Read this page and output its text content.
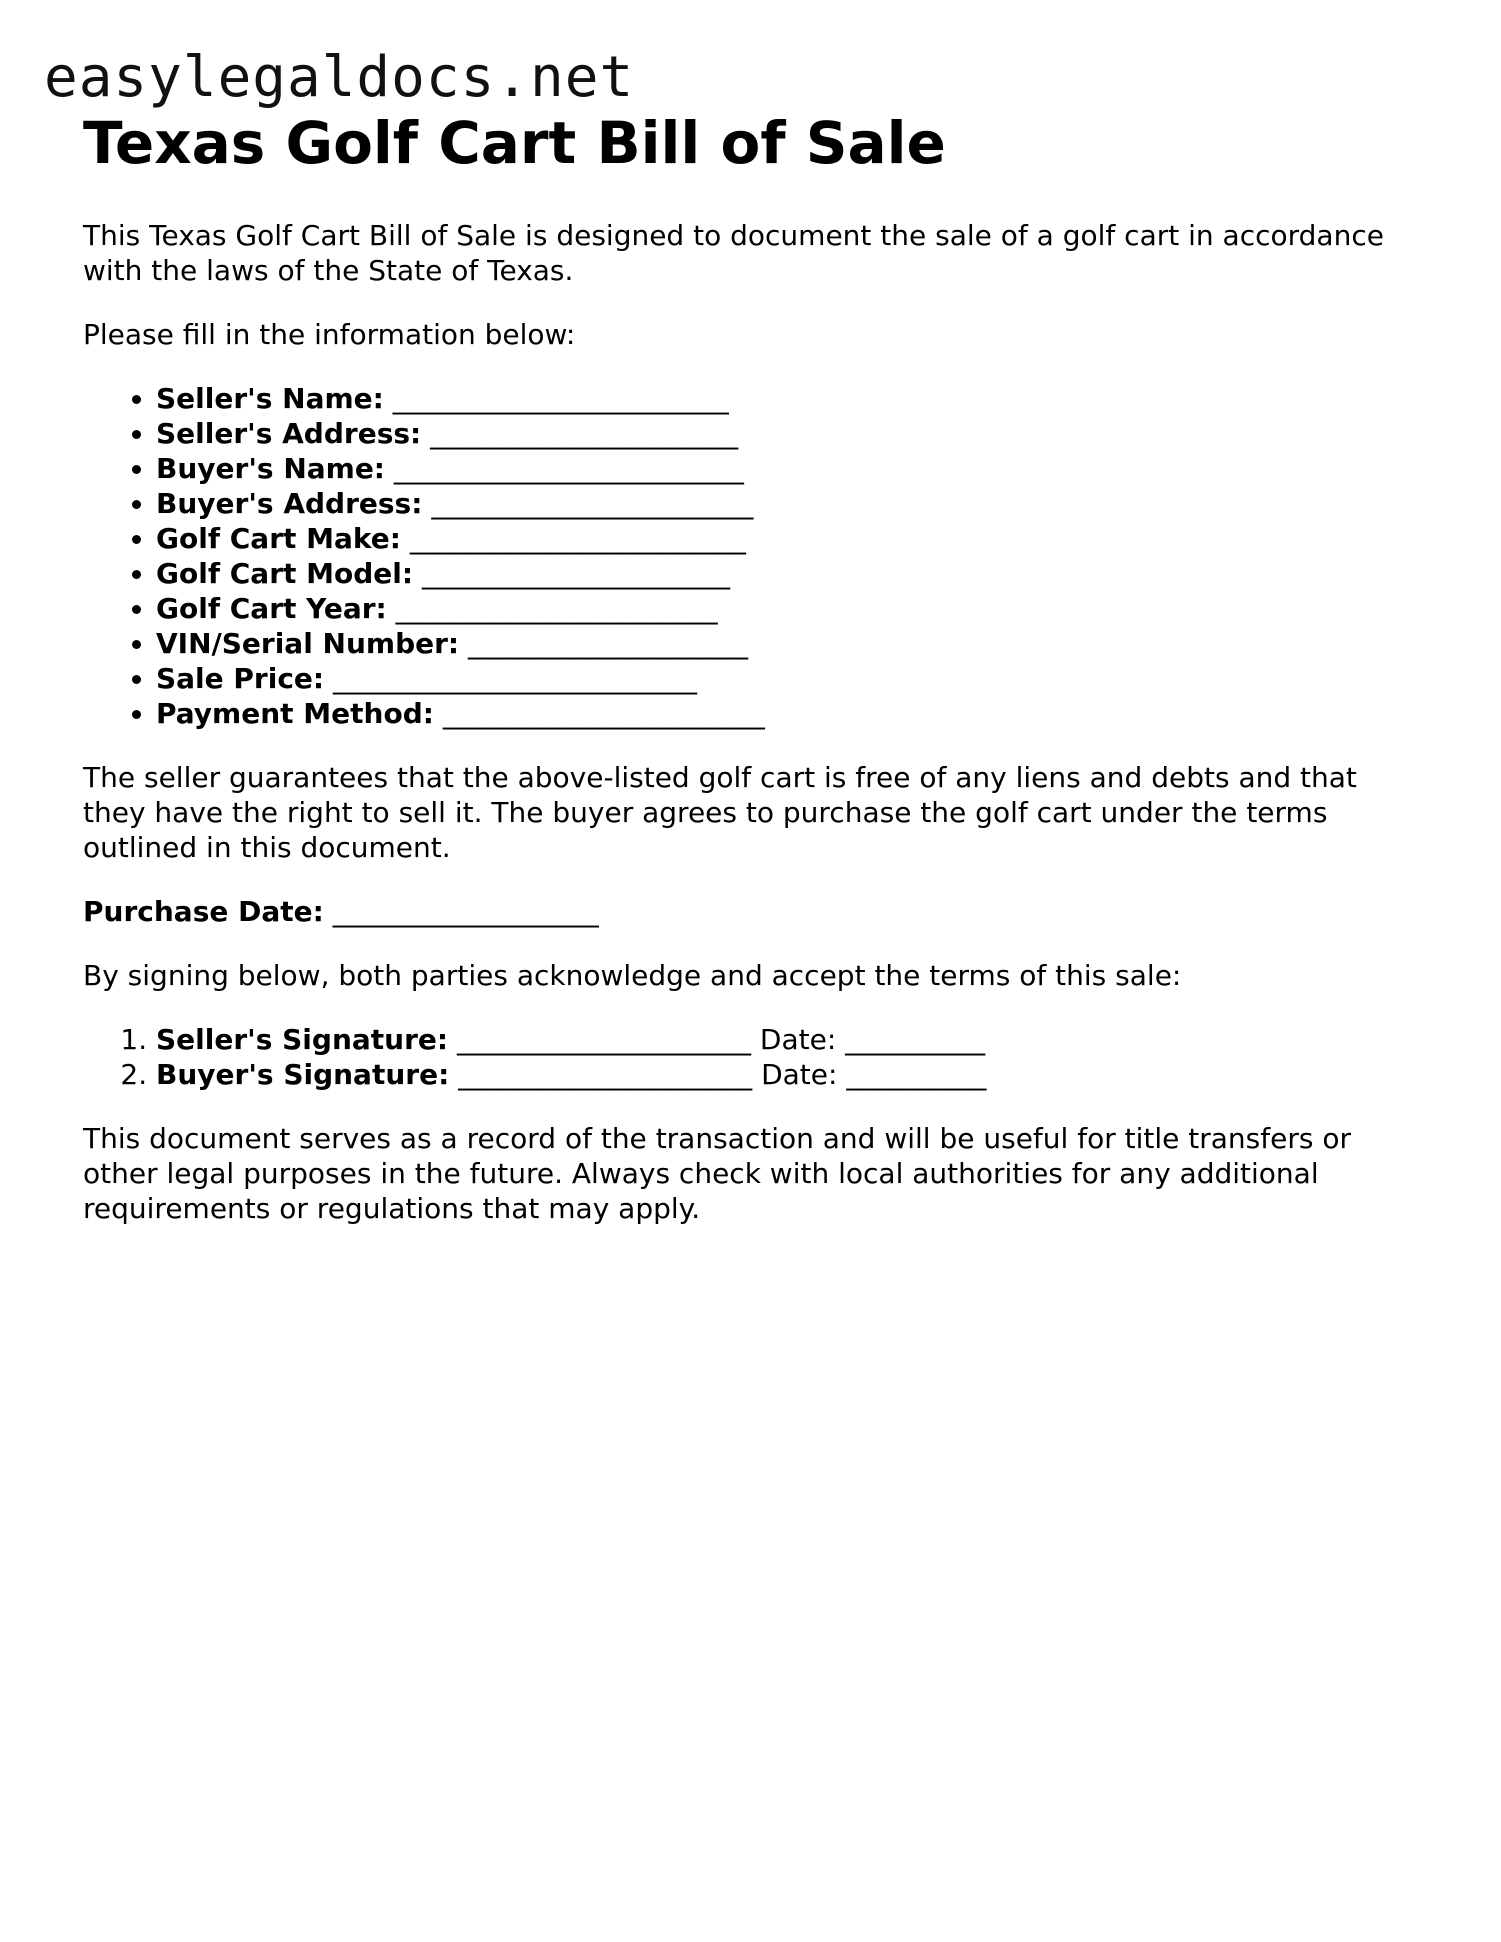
easylegaldocs.net
Texas Golf Cart Bill of Sale

This Texas Golf Cart Bill of Sale is designed to document the sale of a golf cart in accordance with the laws of the State of Texas.

Please fill in the information below:

• Seller's Name: ________________________
• Seller's Address: ______________________
• Buyer's Name: _________________________
• Buyer's Address: _______________________
• Golf Cart Make: ________________________
• Golf Cart Model: ______________________
• Golf Cart Year: _______________________
• VIN/Serial Number: ____________________
• Sale Price: __________________________
• Payment Method: _______________________

The seller guarantees that the above-listed golf cart is free of any liens and debts and that they have the right to sell it. The buyer agrees to purchase the golf cart under the terms outlined in this document.

Purchase Date: ___________________

By signing below, both parties acknowledge and accept the terms of this sale:

1. Seller's Signature: _____________________ Date: __________
2. Buyer's Signature: _____________________ Date: __________

This document serves as a record of the transaction and will be useful for title transfers or other legal purposes in the future. Always check with local authorities for any additional requirements or regulations that may apply.
